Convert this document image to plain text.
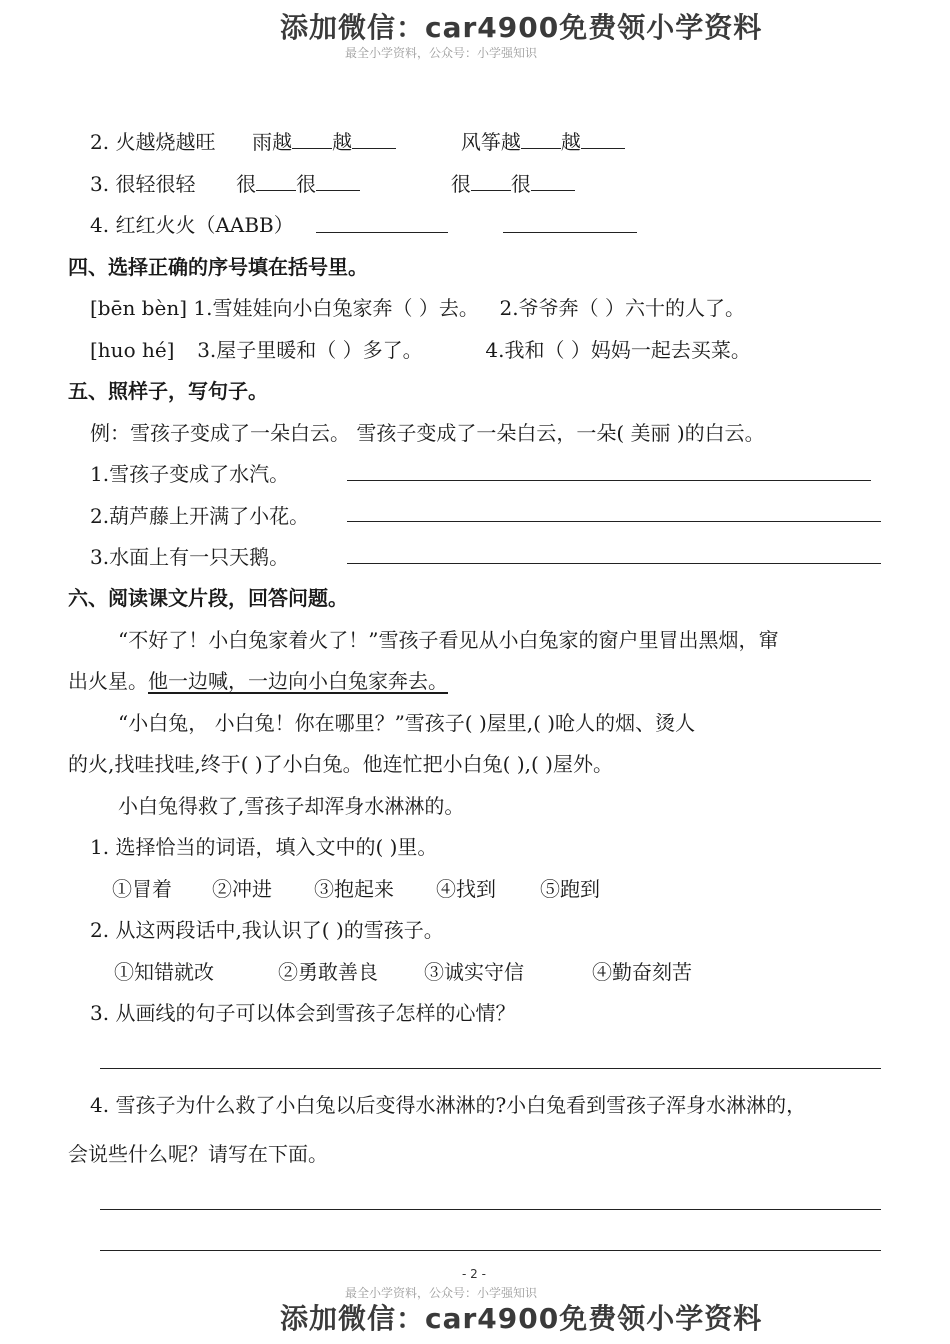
添加微信：car4900免费领小学资料
最全小学资料，公众号：小学强知识
2. 火越烧越旺 雨越 越	风筝越 越
3. 很轻很轻 很 很	很 很
4. 红红火火（AABB）
四、选择正确的序号填在括号里。
[bēn bèn] 1.雪娃娃向小白兔家奔（ ）去。 2.爷爷奔（ ）六十的人了。
[huo hé] 3.屋子里暖和（ ）多了。	4.我和（ ）妈妈一起去买菜。
五、照样子，写句子。
例：雪孩子变成了一朵白云。 雪孩子变成了一朵白云，一朵( 美丽 )的白云。
1.雪孩子变成了水汽。
2.葫芦藤上开满了小花。
3.水面上有一只天鹅。
六、阅读课文片段，回答问题。
“不好了！小白兔家着火了！”雪孩子看见从小白兔家的窗户里冒出黑烟，窜
出火星。他一边喊，一边向小白兔家奔去。
“小白兔， 小白兔！你在哪里？”雪孩子( )屋里,( )呛人的烟、烫人
的火,找哇找哇,终于( )了小白兔。他连忙把小白兔( ),( )屋外。
小白兔得救了,雪孩子却浑身水淋淋的。
1. 选择恰当的词语，填入文中的( )里。
①冒着 ②冲进 ③抱起来 ④找到 ⑤跑到
2. 从这两段话中,我认识了( )的雪孩子。
①知错就改	②勇敢善良 ③诚实守信	④勤奋刻苦
3. 从画线的句子可以体会到雪孩子怎样的心情？
4. 雪孩子为什么救了小白兔以后变得水淋淋的?小白兔看到雪孩子浑身水淋淋的，
会说些什么呢？请写在下面。
- 2 -
最全小学资料，公众号：小学强知识
添加微信：car4900免费领小学资料
